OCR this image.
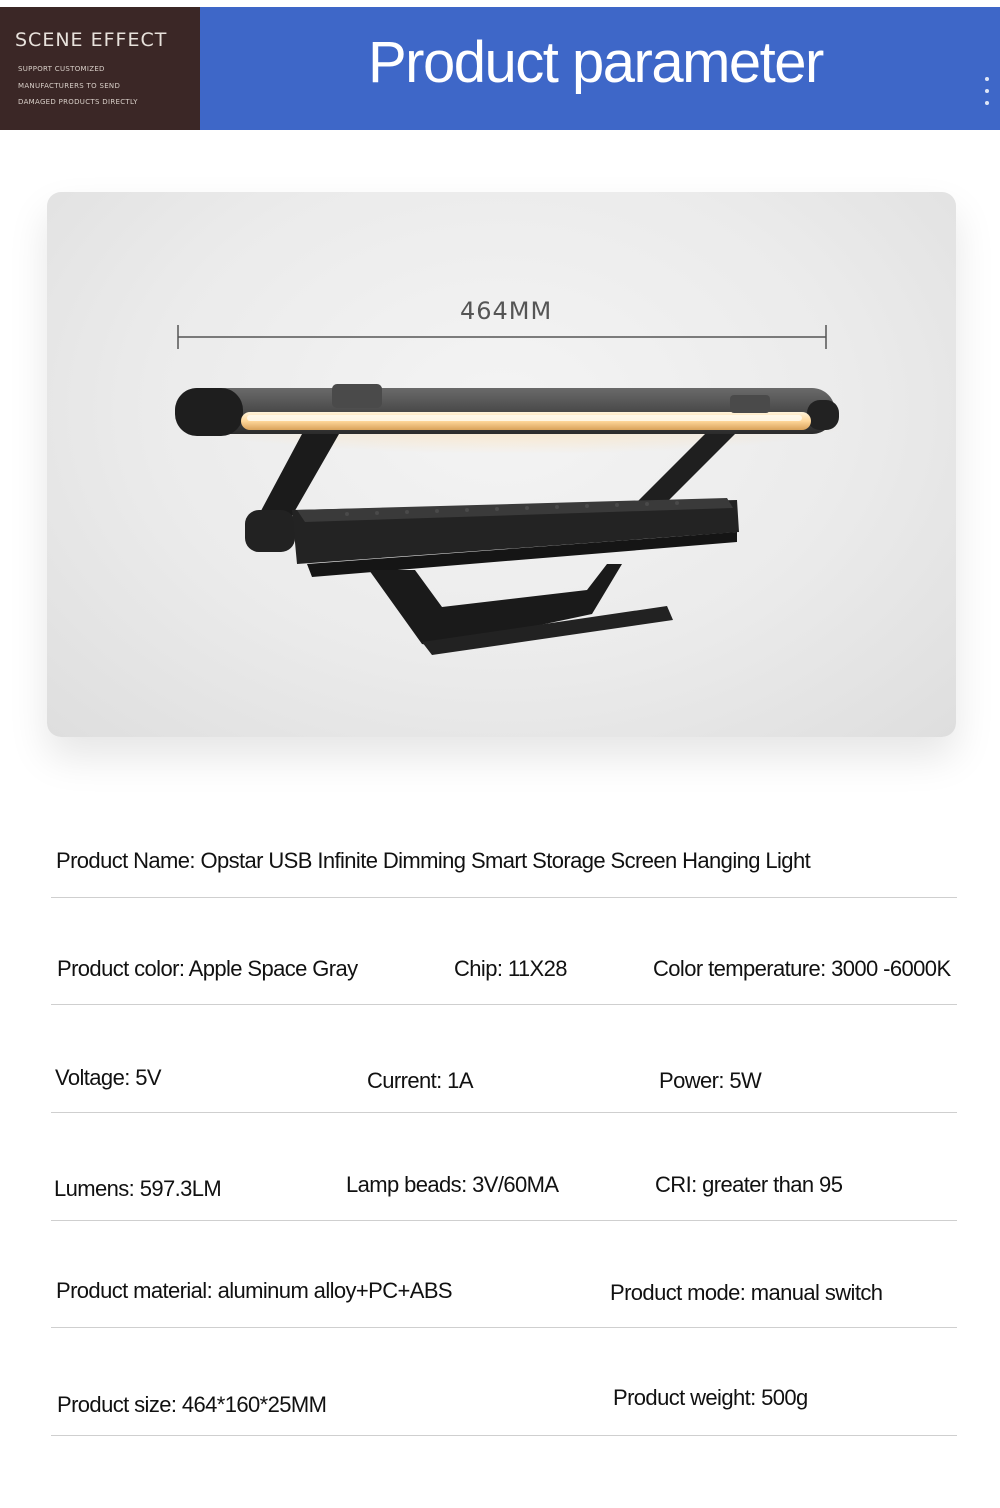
SCENE EFFECT
SUPPORT CUSTOMIZED
MANUFACTURERS TO SEND
DAMAGED PRODUCTS DIRECTLY
Product parameter
464MM
Product Name: Opstar USB Infinite Dimming Smart Storage Screen Hanging Light
Product color: Apple Space Gray	Chip: 11X28	Color temperature: 3000 -6000K
Voltage: 5V	Current: 1A	Power: 5W
Lumens: 597.3LM	Lamp beads: 3V/60MA	CRI: greater than 95
Product material: aluminum alloy+PC+ABS	Product mode: manual switch
Product size: 464*160*25MM	Product weight: 500g
